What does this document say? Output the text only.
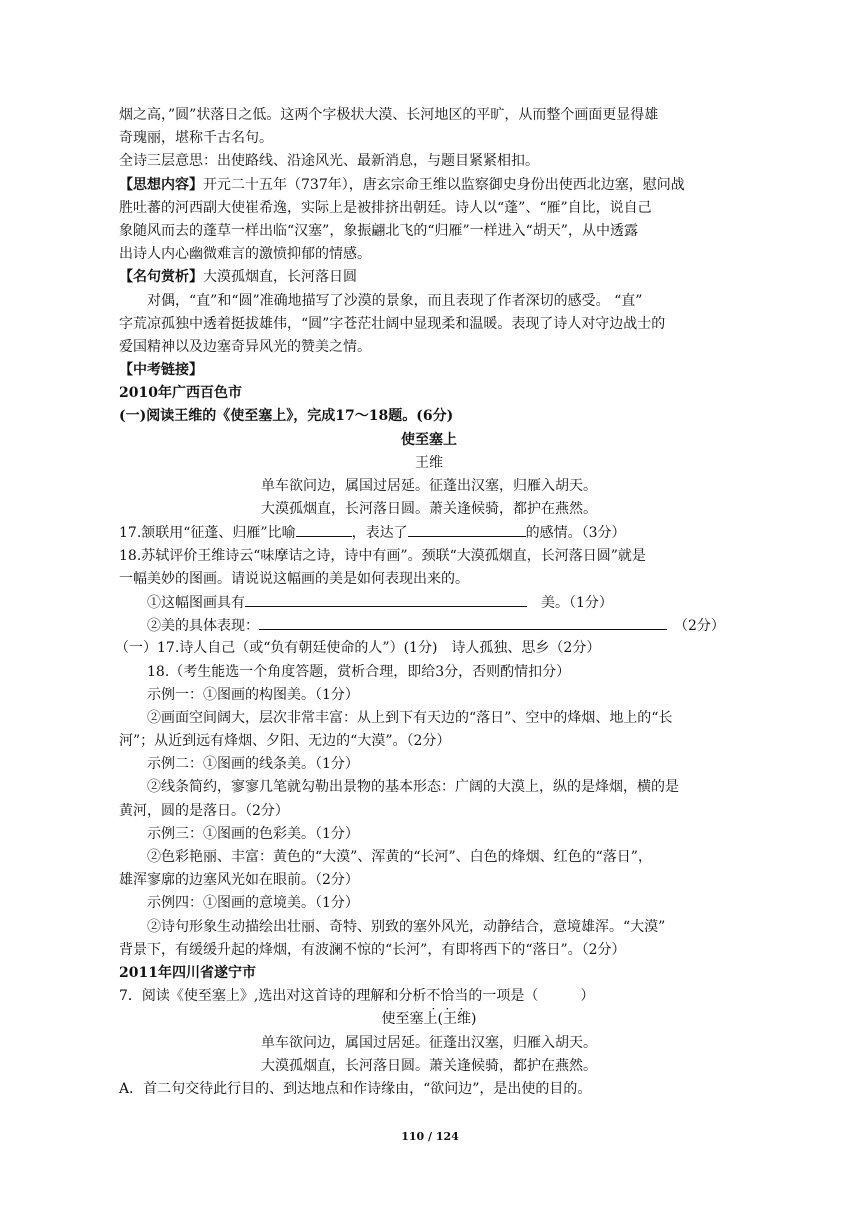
烟之高，”圆”状落日之低。这两个字极状大漠、长河地区的平旷，从而整个画面更显得雄
奇瑰丽，堪称千古名句。
全诗三层意思：出使路线、沿途风光、最新消息，与题目紧紧相扣。
【思想内容】开元二十五年（737年），唐玄宗命王维以监察御史身份出使西北边塞，慰问战
胜吐蕃的河西副大使崔希逸，实际上是被排挤出朝廷。诗人以“蓬”、“雁”自比，说自己
象随风而去的蓬草一样出临“汉塞”，象振翩北飞的“归雁”一样进入“胡天”，从中透露
出诗人内心幽微难言的激愤抑郁的情感。
【名句赏析】大漠孤烟直，长河落日圆
对偶，“直”和“圆”准确地描写了沙漠的景象，而且表现了作者深切的感受。 “直”
字荒凉孤独中透着挺拔雄伟，“圆”字苍茫壮阔中显现柔和温暖。表现了诗人对守边战士的
爱国精神以及边塞奇异风光的赞美之情。
【中考链接】
2010年广西百色市
(一)阅读王维的《使至塞上》，完成17～18题。(6分)
使至塞上
王维
单车欲问边，属国过居延。征蓬出汉塞，归雁入胡天。
大漠孤烟直，长河落日圆。萧关逢候骑，都护在燕然。
17.颔联用“征蓬、归雁”比喻	，表达了	的感情。（3分）
18.苏轼评价王维诗云“味摩诘之诗，诗中有画”。颈联“大漠孤烟直，长河落日圆”就是
一幅美妙的图画。请说说这幅画的美是如何表现出来的。
①这幅图画具有　	美。（1分）
②美的具体表现：　	（2分）
（一）17.诗人自己（或“负有朝廷使命的人”）(1分)　诗人孤独、思乡（2分）
18.（考生能选一个角度答题，赏析合理，即给3分，否则酌情扣分）
示例一：①图画的构图美。（1分）
②画面空间阔大，层次非常丰富：从上到下有天边的“落日”、空中的烽烟、地上的“长
河”；从近到远有烽烟、夕阳、无边的“大漠”。（2分）
示例二：①图画的线条美。（1分）
②线条简约，寥寥几笔就勾勒出景物的基本形态：广阔的大漠上，纵的是烽烟，横的是
黄河，圆的是落日。（2分）
示例三：①图画的色彩美。（1分）
②色彩艳丽、丰富：黄色的“大漠”、浑黄的“长河”、白色的烽烟、红色的“落日”，
雄浑寥廓的边塞风光如在眼前。（2分）
示例四：①图画的意境美。（1分）
②诗句形象生动描绘出壮丽、奇特、别致的塞外风光，动静结合，意境雄浑。“大漠”
背景下，有缓缓升起的烽烟，有波澜不惊的“长河”，有即将西下的“落日”。（2分）
2011年四川省遂宁市
7．阅读《使至塞上》,选出对这首诗的理解和分析不恰当的一项是（　　　）
使至塞上(王维)
单车欲问边，属国过居延。征蓬出汉塞，归雁入胡天。
大漠孤烟直，长河落日圆。萧关逢候骑，都护在燕然。
A．首二句交待此行目的、到达地点和作诗缘由，“欲问边”，是出使的目的。
110 / 124
